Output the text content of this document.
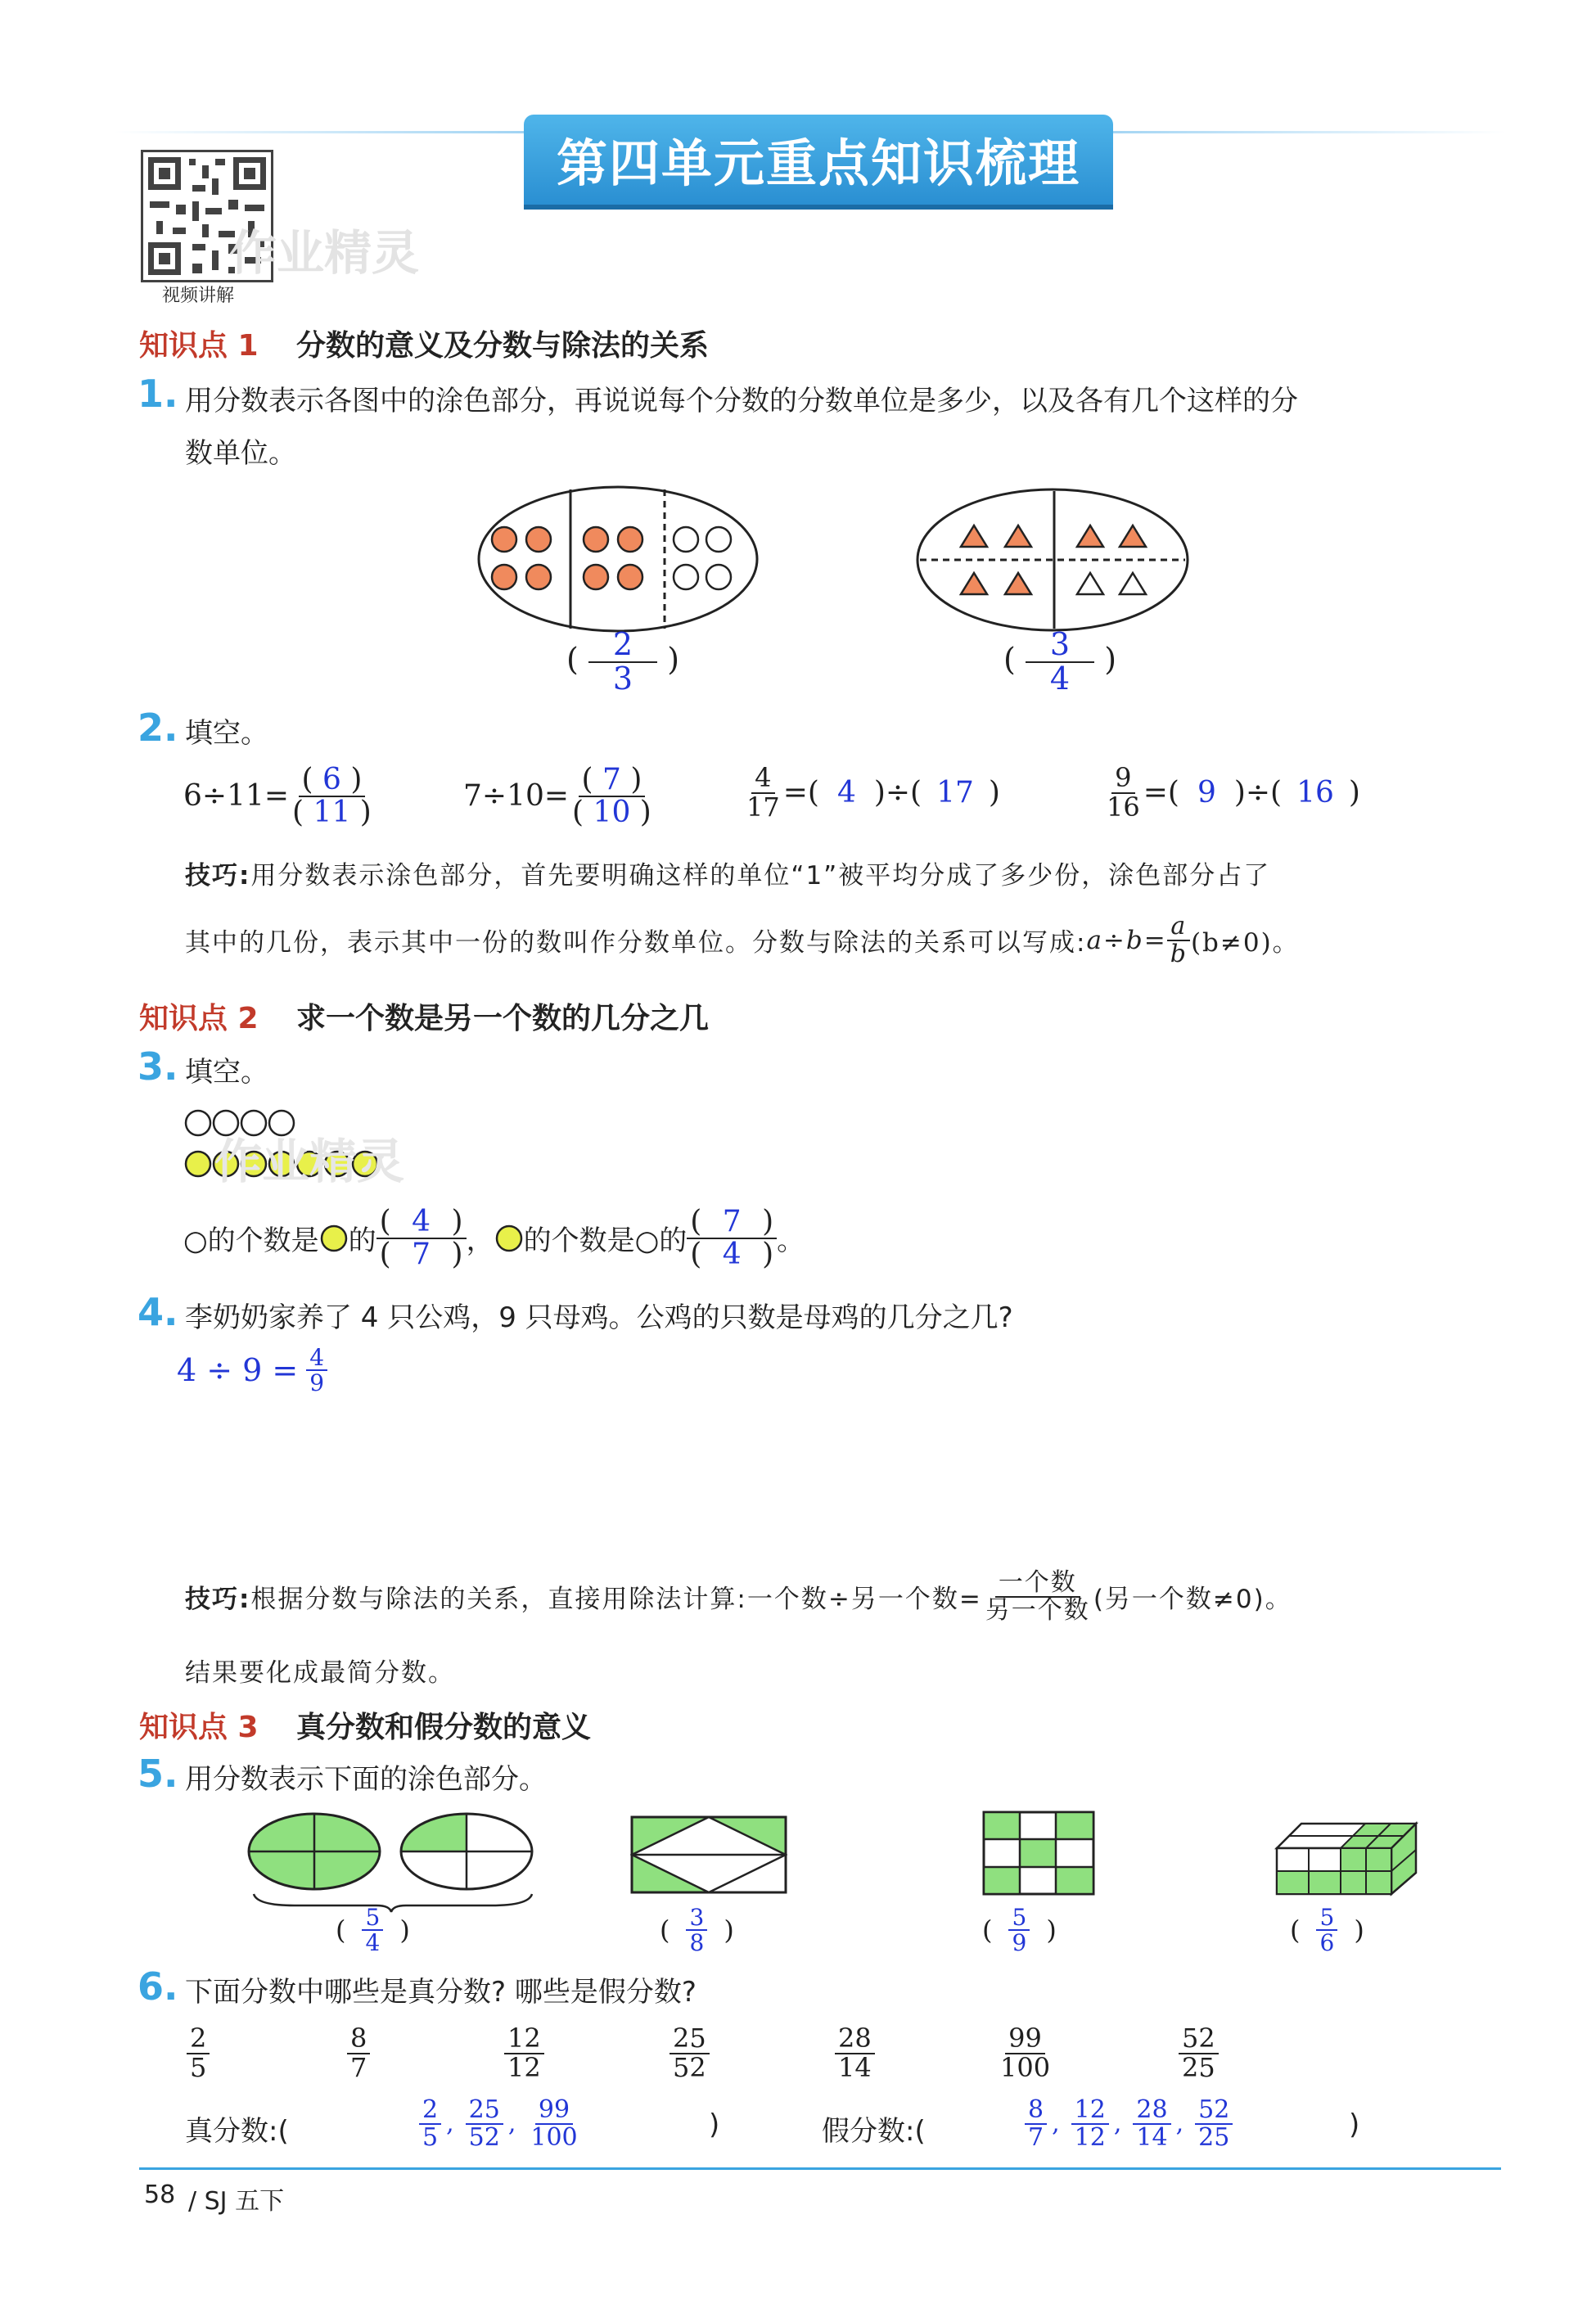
第四单元重点知识梳理
视频讲解
作业精灵
知识点 1 分数的意义及分数与除法的关系
1. 用分数表示各图中的涂色部分，再说说每个分数的分数单位是多少，以及各有几个这样的分
数单位。
( $\frac{2}{3}$ )	( $\frac{3}{4}$ )
2. 填空。
$6\div 11= \frac{( 6 )}{( 11 )}$	$7\div 10= \frac{( 7 )}{( 10 )}$	$\frac{4}{17}$ =( 4 )÷( 17 )	$\frac{9}{16}$ =( 9 )÷( 16 )
技巧:用分数表示涂色部分，首先要明确这样的单位“1”被平均分成了多少份，涂色部分占了
其中的几份，表示其中一份的数叫作分数单位。分数与除法的关系可以写成: $a\div b= \frac{a}{b} (b\ne 0)$。
知识点 2 求一个数是另一个数的几分之几
3. 填空。
作业精灵
○的个数是 的 $\frac{( 4 )}{( 7 )}$ ， 的个数是○的 $\frac{( 7 )}{( 4 )}$ 。
4. 李奶奶家养了 4 只公鸡，9 只母鸡。公鸡的只数是母鸡的几分之几?
$4 \div 9 = \frac{4}{9}$
技巧: 根据分数与除法的关系，直接用除法计算:一个数÷另一个数= $\frac{\text{一个数}}{\text{另一个数}}$ (另一个数≠0)。
结果要化成最简分数。
知识点 3 真分数和假分数的意义
5. 用分数表示下面的涂色部分。
( $\frac{5}{4}$ )	( $\frac{3}{8}$ )	( $\frac{5}{9}$ )	( $\frac{5}{6}$ )
6. 下面分数中哪些是真分数? 哪些是假分数?
$\frac{2}{5}$	$\frac{8}{7}$	$\frac{12}{12}$	$\frac{25}{52}$	$\frac{28}{14}$	$\frac{99}{100}$	$\frac{52}{25}$
真分数:(	$\frac{2}{5}$ , $\frac{25}{52}$ , $\frac{99}{100}$	)	假分数:(	$\frac{8}{7}$ , $\frac{12}{12}$ , $\frac{28}{14}$ , $\frac{52}{25}$	)
58 / SJ 五下
